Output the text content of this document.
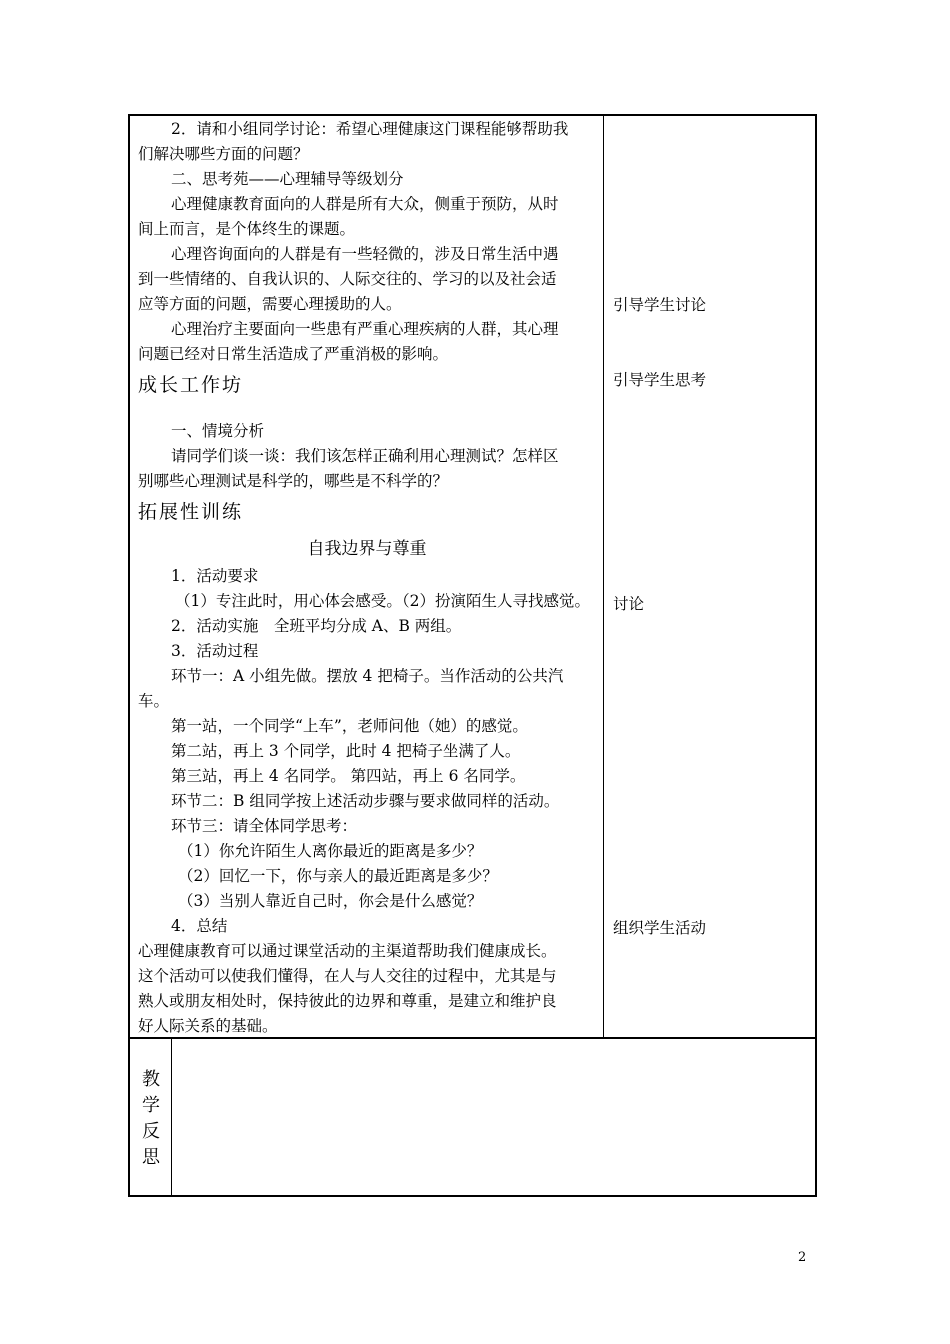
2．请和小组同学讨论：希望心理健康这门课程能够帮助我
们解决哪些方面的问题？
二、思考苑——心理辅导等级划分
心理健康教育面向的人群是所有大众，侧重于预防，从时
间上而言，是个体终生的课题。
心理咨询面向的人群是有一些轻微的，涉及日常生活中遇
到一些情绪的、自我认识的、人际交往的、学习的以及社会适
应等方面的问题，需要心理援助的人。
心理治疗主要面向一些患有严重心理疾病的人群，其心理
问题已经对日常生活造成了严重消极的影响。
成长工作坊
一、情境分析
请同学们谈一谈：我们该怎样正确利用心理测试？怎样区
别哪些心理测试是科学的，哪些是不科学的？
拓展性训练
自我边界与尊重
1．活动要求
（1）专注此时，用心体会感受。（2）扮演陌生人寻找感觉。
2．活动实施　全班平均分成 A、B 两组。
3．活动过程
环节一：A 小组先做。摆放 4 把椅子。当作活动的公共汽
车。
第一站，一个同学“上车”，老师问他（她）的感觉。
第二站，再上 3 个同学，此时 4 把椅子坐满了人。
第三站，再上 4 名同学。 第四站，再上 6 名同学。
环节二：B 组同学按上述活动步骤与要求做同样的活动。
环节三：请全体同学思考：
（1）你允许陌生人离你最近的距离是多少？
（2）回忆一下，你与亲人的最近距离是多少？
（3）当别人靠近自己时，你会是什么感觉？
4．总结
心理健康教育可以通过课堂活动的主渠道帮助我们健康成长。
这个活动可以使我们懂得，在人与人交往的过程中，尤其是与
熟人或朋友相处时，保持彼此的边界和尊重，是建立和维护良
好人际关系的基础。
引导学生讨论
引导学生思考
讨论
组织学生活动
教
学
反
思
2
